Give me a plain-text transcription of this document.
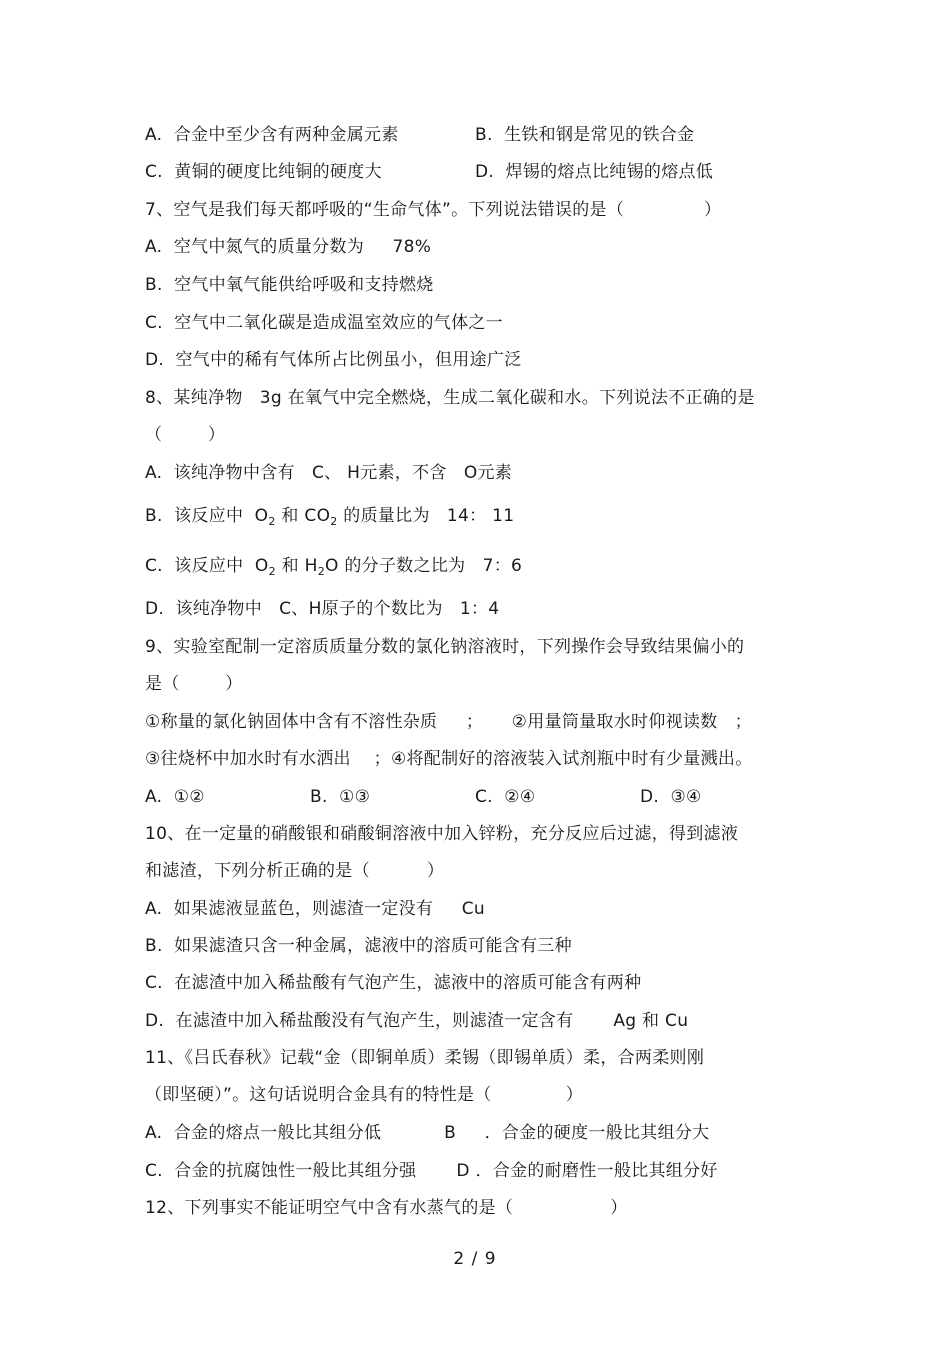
A.  合金中至少含有两种金属元素	B.  生铁和钢是常见的铁合金
C.  黄铜的硬度比纯铜的硬度大	D.  焊锡的熔点比纯锡的熔点低
7、空气是我们每天都呼吸的“生命气体”。下列说法错误的是（              ）
A.  空气中氮气的质量分数为     78%
B.  空气中氧气能供给呼吸和支持燃烧
C.  空气中二氧化碳是造成温室效应的气体之一
D.  空气中的稀有气体所占比例虽小，但用途广泛
8、某纯净物   3g 在氧气中完全燃烧，生成二氧化碳和水。下列说法不正确的是
（        ）
A.  该纯净物中含有   C、 H元素，不含   O元素
B.  该反应中  $O_2$ 和 $CO_2$ 的质量比为   14： 11
C.  该反应中  $O_2$ 和 $H_2O$ 的分子数之比为   7：6
D.  该纯净物中   C、H原子的个数比为   1：4
9、实验室配制一定溶质质量分数的氯化钠溶液时，下列操作会导致结果偏小的
是（        ）
①称量的氯化钠固体中含有不溶性杂质     ；     ②用量筒量取水时仰视读数   ；
③往烧杯中加水时有水洒出    ；④将配制好的溶液装入试剂瓶中时有少量溅出。
A.  ①②	B.  ①③	C.  ②④	D.  ③④
10、在一定量的硝酸银和硝酸铜溶液中加入锌粉，充分反应后过滤，得到滤液
和滤渣，下列分析正确的是（          ）
A.  如果滤液显蓝色，则滤渣一定没有     Cu
B.  如果滤渣只含一种金属，滤液中的溶质可能含有三种
C.  在滤渣中加入稀盐酸有气泡产生，滤液中的溶质可能含有两种
D.  在滤渣中加入稀盐酸没有气泡产生，则滤渣一定含有       Ag 和 Cu
11、《吕氏春秋》记载“金（即铜单质）柔锡（即锡单质）柔，合两柔则刚
（即坚硬）”。这句话说明合金具有的特性是（             ）
A.  合金的熔点一般比其组分低           B     ．合金的硬度一般比其组分大
C.  合金的抗腐蚀性一般比其组分强       D ．合金的耐磨性一般比其组分好
12、下列事实不能证明空气中含有水蒸气的是（                 ）
2 / 9
